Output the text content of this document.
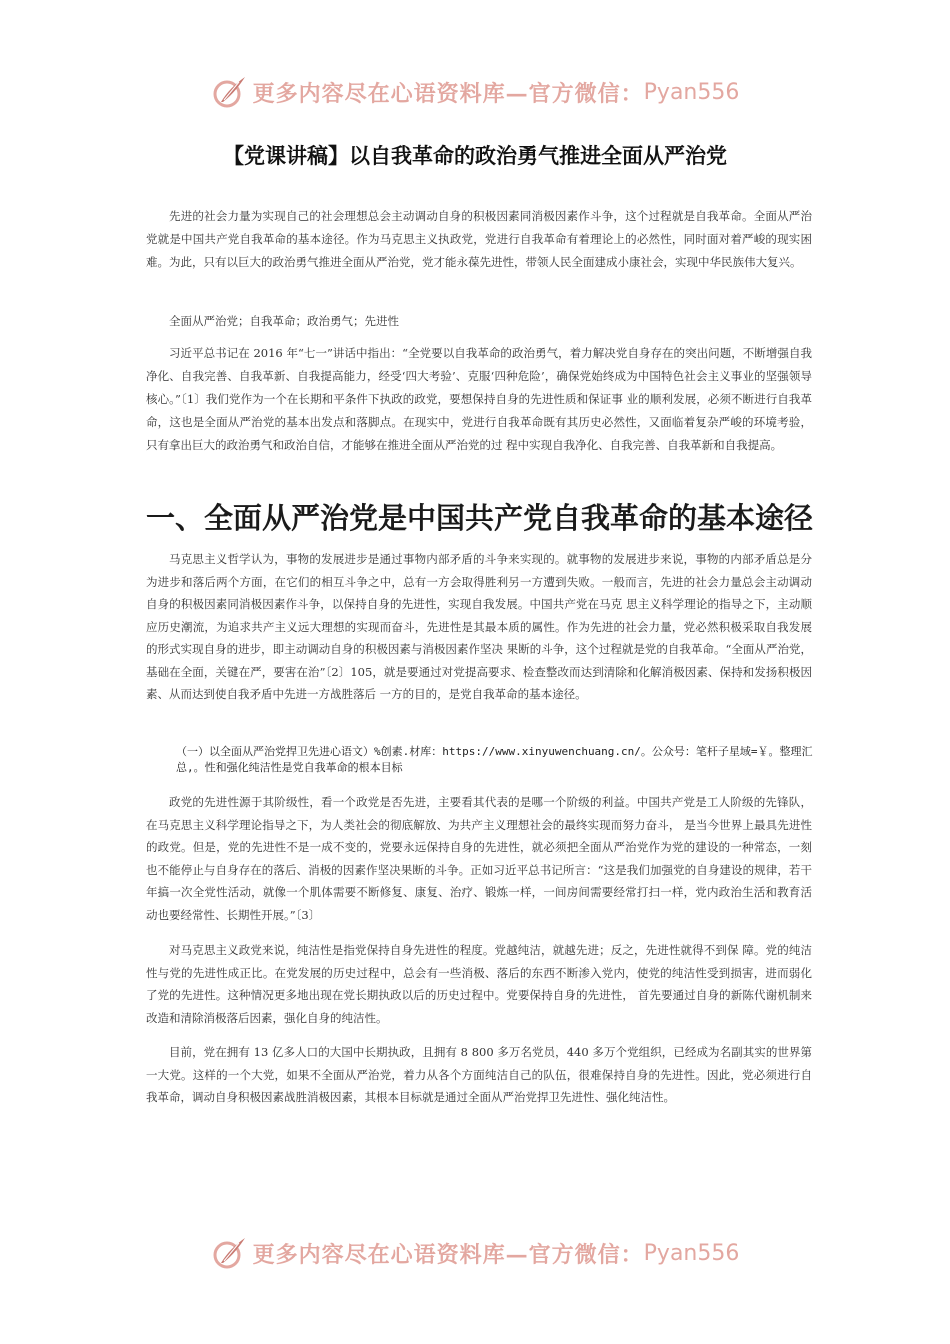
更多内容尽在心语资料库—官方微信： Pyan556
【党课讲稿】以自我革命的政治勇气推进全面从严治党

先进的社会力量为实现自己的社会理想总会主动调动自身的积极因素同消极因素作斗争，这个过程就是自我革命。全面从严治党就是中国共产党自我革命的基本途径。作为马克思主义执政党，党进行自我革命有着理论上的必然性，同时面对着严峻的现实困难。为此，只有以巨大的政治勇气推进全面从严治党，党才能永葆先进性，带领人民全面建成小康社会，实现中华民族伟大复兴。

全面从严治党；自我革命；政治勇气；先进性

习近平总书记在 2016 年“七一”讲话中指出：“全党要以自我革命的政治勇气，着力解决党自身存在的突出问题，不断增强自我净化、自我完善、自我革新、自我提高能力，经受‘四大考验’、克服‘四种危险’，确保党始终成为中国特色社会主义事业的坚强领导核心。”〔1〕我们党作为一个在长期和平条件下执政的政党，要想保持自身的先进性质和保证事 业的顺利发展，必须不断进行自我革命，这也是全面从严治党的基本出发点和落脚点。在现实中，党进行自我革命既有其历史必然性，又面临着复杂严峻的环境考验，只有拿出巨大的政治勇气和政治自信，才能够在推进全面从严治党的过 程中实现自我净化、自我完善、自我革新和自我提高。

一、全面从严治党是中国共产党自我革命的基本途径

马克思主义哲学认为，事物的发展进步是通过事物内部矛盾的斗争来实现的。就事物的发展进步来说，事物的内部矛盾总是分为进步和落后两个方面，在它们的相互斗争之中，总有一方会取得胜利另一方遭到失败。一般而言，先进的社会力量总会主动调动自身的积极因素同消极因素作斗争，以保持自身的先进性，实现自我发展。中国共产党在马克 思主义科学理论的指导之下，主动顺应历史潮流，为追求共产主义远大理想的实现而奋斗，先进性是其最本质的属性。作为先进的社会力量，党必然积极采取自我发展的形式实现自身的进步，即主动调动自身的积极因素与消极因素作坚决 果断的斗争，这个过程就是党的自我革命。“全面从严治党，基础在全面，关键在严，要害在治”〔2〕105，就是要通过对党提高要求、检查整改而达到清除和化解消极因素、保持和发扬积极因素、从而达到使自我矛盾中先进一方战胜落后 一方的目的，是党自我革命的基本途径。

（一）以全面从严治党捍卫先进心语文）%创素.材库：https://www.xinyuwenchuang.cn/。公众号：笔杆子星域=￥。整理汇总,。性和强化纯洁性是党自我革命的根本目标

政党的先进性源于其阶级性，看一个政党是否先进，主要看其代表的是哪一个阶级的利益。中国共产党是工人阶级的先锋队，在马克思主义科学理论指导之下，为人类社会的彻底解放、为共产主义理想社会的最终实现而努力奋斗， 是当今世界上最具先进性的政党。但是，党的先进性不是一成不变的，党要永远保持自身的先进性，就必须把全面从严治党作为党的建设的一种常态，一刻也不能停止与自身存在的落后、消极的因素作坚决果断的斗争。正如习近平总书记所言：“这是我们加强党的自身建设的规律，若干年搞一次全党性活动，就像一个肌体需要不断修复、康复、治疗、锻炼一样，一间房间需要经常打扫一样，党内政治生活和教育活动也要经常性、长期性开展。”〔3〕

对马克思主义政党来说，纯洁性是指党保持自身先进性的程度。党越纯洁，就越先进；反之，先进性就得不到保 障。党的纯洁性与党的先进性成正比。在党发展的历史过程中，总会有一些消极、落后的东西不断渗入党内，使党的纯洁性受到损害，进而弱化了党的先进性。这种情况更多地出现在党长期执政以后的历史过程中。党要保持自身的先进性， 首先要通过自身的新陈代谢机制来改造和清除消极落后因素，强化自身的纯洁性。

目前，党在拥有 13 亿多人口的大国中长期执政，且拥有 8 800 多万名党员，440 多万个党组织，已经成为名副其实的世界第一大党。这样的一个大党，如果不全面从严治党，着力从各个方面纯洁自己的队伍，很难保持自身的先进性。因此，党必须进行自我革命，调动自身积极因素战胜消极因素，其根本目标就是通过全面从严治党捍卫先进性、强化纯洁性。

更多内容尽在心语资料库—官方微信： Pyan556
